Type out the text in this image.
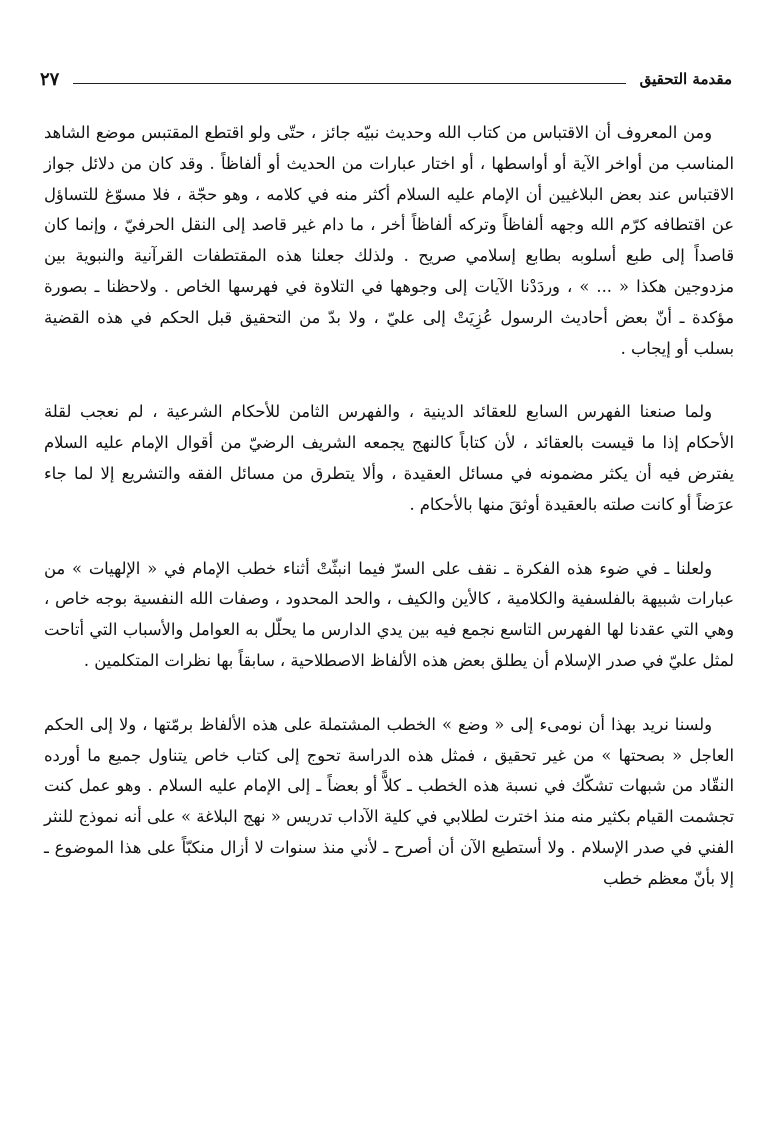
مقدمة التحقيق
٢٧

ومن المعروف أن الاقتباس من كتاب الله وحديث نبيّه جائز ، حتّى ولو اقتطع المقتبس موضع الشاهد المناسب من أواخر الآية أو أواسطها ، أو اختار عبارات من الحديث أو ألفاظاً . وقد كان من دلائل جواز الاقتباس عند بعض البلاغيين أن الإمام عليه السلام أكثر منه في كلامه ، وهو حجّة ، فلا مسوّغ للتساؤل عن اقتطافه كرّم الله وجهه ألفاظاً وتركه ألفاظاً أخر ، ما دام غير قاصد إلى النقل الحرفيّ ، وإنما كان قاصداً إلى طبع أسلوبه بطابع إسلامي صريح . ولذلك جعلنا هذه المقتطفات القرآنية والنبوية بين مزدوجين هكذا « ... » ، وردَدْنا الآيات إلى وجوهها في التلاوة في فهرسها الخاص . ولاحظنا ـ بصورة مؤكدة ـ أنّ بعض أحاديث الرسول عُزِيَتْ إلى عليّ ، ولا بدّ من التحقيق قبل الحكم في هذه القضية بسلب أو إيجاب .

ولما صنعنا الفهرس السابع للعقائد الدينية ، والفهرس الثامن للأحكام الشرعية ، لم نعجب لقلة الأحكام إذا ما قيست بالعقائد ، لأن كتاباً كالنهج يجمعه الشريف الرضيّ من أقوال الإمام عليه السلام يفترض فيه أن يكثر مضمونه في مسائل العقيدة ، وألا يتطرق من مسائل الفقه والتشريع إلا لما جاء عرَضاً أو كانت صلته بالعقيدة أوثقَ منها بالأحكام .

ولعلنا ـ في ضوء هذه الفكرة ـ نقف على السرّ فيما انبثّتْ أثناء خطب الإمام في « الإلهيات » من عبارات شبيهة بالفلسفية والكلامية ، كالأين والكيف ، والحد المحدود ، وصفات الله النفسية بوجه خاص ، وهي التي عقدنا لها الفهرس التاسع نجمع فيه بين يدي الدارس ما يحلّل به العوامل والأسباب التي أتاحت لمثل عليّ في صدر الإسلام أن يطلق بعض هذه الألفاظ الاصطلاحية ، سابقاً بها نظرات المتكلمين .

ولسنا نريد بهذا أن نومىء إلى « وضع » الخطب المشتملة على هذه الألفاظ برمّتها ، ولا إلى الحكم العاجل « بصحتها » من غير تحقيق ، فمثل هذه الدراسة تحوج إلى كتاب خاص يتناول جميع ما أورده النقّاد من شبهات تشكّك في نسبة هذه الخطب ـ كلاًّ أو بعضاً ـ إلى الإمام عليه السلام . وهو عمل كنت تجشمت القيام بكثير منه منذ اخترت لطلابي في كلية الآداب تدريس « نهج البلاغة » على أنه نموذج للنثر الفني في صدر الإسلام . ولا أستطيع الآن أن أصرح ـ لأني منذ سنوات لا أزال منكبّاً على هذا الموضوع ـ إلا بأنّ معظم خطب
